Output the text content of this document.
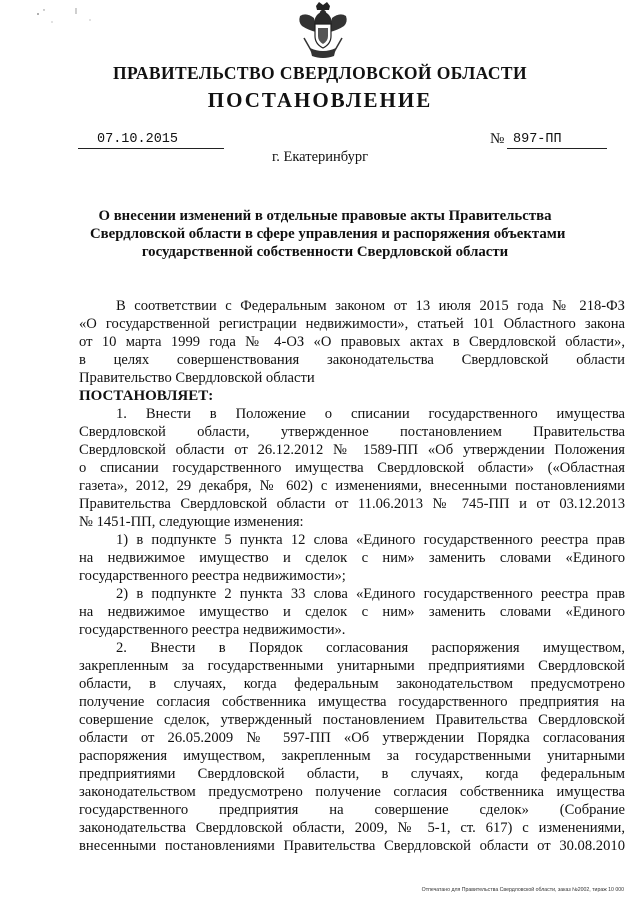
ПРАВИТЕЛЬСТВО СВЕРДЛОВСКОЙ ОБЛАСТИ
ПОСТАНОВЛЕНИЕ
07.10.2015	№ 897-ПП
г. Екатеринбург
О внесении изменений в отдельные правовые акты Правительства
Свердловской области в сфере управления и распоряжения объектами
государственной собственности Свердловской области
В соответствии с Федеральным законом от 13 июля 2015 года № 218-ФЗ
«О государственной регистрации недвижимости», статьей 101 Областного закона
от 10 марта 1999 года № 4-ОЗ «О правовых актах в Свердловской области»,
в целях совершенствования законодательства Свердловской области
Правительство Свердловской области
ПОСТАНОВЛЯЕТ:
1. Внести в Положение о списании государственного имущества
Свердловской области, утвержденное постановлением Правительства
Свердловской области от 26.12.2012 № 1589-ПП «Об утверждении Положения
о списании государственного имущества Свердловской области» («Областная
газета», 2012, 29 декабря, № 602) с изменениями, внесенными постановлениями
Правительства Свердловской области от 11.06.2013 № 745-ПП и от 03.12.2013
№ 1451-ПП, следующие изменения:
1) в подпункте 5 пункта 12 слова «Единого государственного реестра прав
на недвижимое имущество и сделок с ним» заменить словами «Единого
государственного реестра недвижимости»;
2) в подпункте 2 пункта 33 слова «Единого государственного реестра прав
на недвижимое имущество и сделок с ним» заменить словами «Единого
государственного реестра недвижимости».
2. Внести в Порядок согласования распоряжения имуществом,
закрепленным за государственными унитарными предприятиями Свердловской
области, в случаях, когда федеральным законодательством предусмотрено
получение согласия собственника имущества государственного предприятия на
совершение сделок, утвержденный постановлением Правительства Свердловской
области от 26.05.2009 № 597-ПП «Об утверждении Порядка согласования
распоряжения имуществом, закрепленным за государственными унитарными
предприятиями Свердловской области, в случаях, когда федеральным
законодательством предусмотрено получение согласия собственника имущества
государственного предприятия на совершение сделок» (Собрание
законодательства Свердловской области, 2009, № 5-1, ст. 617) с изменениями,
внесенными постановлениями Правительства Свердловской области от 30.08.2010
Отпечатано для Правительства Свердловской области, заказ №2002, тираж 10 000
